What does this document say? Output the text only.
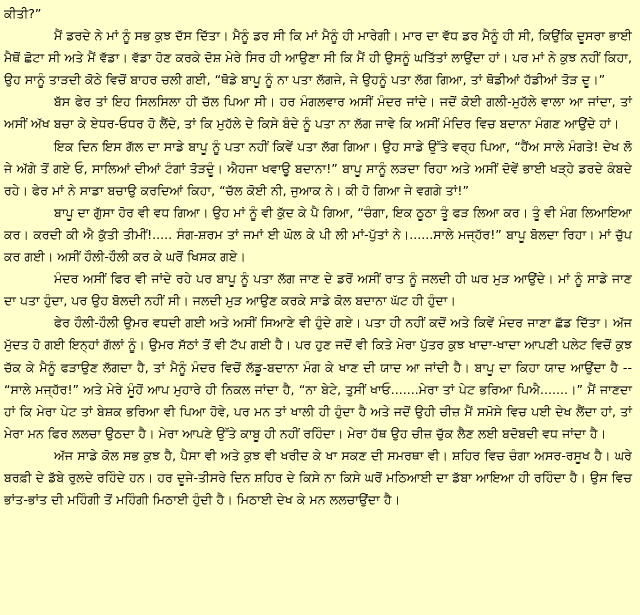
ਕੀਤੀ?”￼

ਮੈਂ ਡਰਦੇ ਨੇ ਮਾਂ ਨੂੰ ਸਭ ਕੁਝ ਦੱਸ ਦਿੱਤਾ। ਮੈਨੂੰ ਡਰ ਸੀ ਕਿ ਮਾਂ ਮੈਨੂੰ ਹੀ ਮਾਰੇਗੀ। ਮਾਰ ਦਾ ਵੱਧ ਡਰ ਮੈਨੂੰ ਹੀ ਸੀ, ਕਿਉਂਕਿ ਦੂਸਰਾ ਭਾਈ ਮੈਥੋਂ ਛੋਟਾ ਸੀ ਅਤੇ ਮੈਂ ਵੱਡਾ। ਵੱਡਾ ਹੋਣ ਕਰਕੇ ਦੋਸ਼ ਮੇਰੇ ਸਿਰ ਹੀ ਆਉਣਾ ਸੀ ਕਿ ਮੈਂ ਹੀ ਉਸਨੂੰ ਘਤਿੱਤਾਂ ਲਾਉਂਦਾ ਹਾਂ। ਪਰ ਮਾਂ ਨੇ ਕੁਝ ਨਹੀਂ ਕਿਹਾ, ਉਹ ਸਾਨੂੰ ਤਾੜਦੀ ਕੋਠੇ ਵਿਚੋਂ ਬਾਹਰ ਚਲੀ ਗਈ, “ਥੋਡੇ ਬਾਪੂ ਨੂੰ ਨਾ ਪਤਾ ਲੱਗਜੇ, ਜੇ ਉਹਨੂੰ ਪਤਾ ਲੱਗ ਗਿਆ, ਤਾਂ ਥੋਡੀਆਂ ਹੱਡੀਆਂ ਤੋੜ ਦੂ।”

ਬੱਸ ਫੇਰ ਤਾਂ ਇਹ ਸਿਲਸਿਲਾ ਹੀ ਚੱਲ ਪਿਆ ਸੀ। ਹਰ ਮੰਗਲਵਾਰ ਅਸੀਂ ਮੰਦਰ ਜਾਂਦੇ। ਜਦੋਂ ਕੋਈ ਗਲੀ-ਮੁਹੱਲੇ ਵਾਲਾ ਆ ਜਾਂਦਾ, ਤਾਂ ਅਸੀਂ ਅੱਖ ਬਚਾ ਕੇ ਏਧਰ-ਓਧਰ ਹੋ ਲੈਂਦੇ, ਤਾਂ ਕਿ ਮੁਹੱਲੇ ਦੇ ਕਿਸੇ ਬੰਦੇ ਨੂੰ ਪਤਾ ਨਾ ਲੱਗ ਜਾਵੇ ਕਿ ਅਸੀਂ ਮੰਦਿਰ ਵਿਚ ਬਦਾਨਾ ਮੰਗਣ ਆਉਂਦੇ ਹਾਂ।

ਇਕ ਦਿਨ ਇਸ ਗੱਲ ਦਾ ਸਾਡੇ ਬਾਪੂ ਨੂੰ ਪਤਾ ਨਹੀਂ ਕਿਵੇਂ ਪਤਾ ਲੱਗ ਗਿਆ। ਉਹ ਸਾਡੇ ਉੱਤੇ ਵਰ੍ਹ ਪਿਆ, “ਹੈਂਅ ਸਾਲੇ ਮੰਗਤੇ! ਦੇਖ ਲੋ ਜੇ ਅੱਗੇ ਤੋਂ ਗਏ ਓ, ਸਾਲਿਆਂ ਦੀਆਂ ਟੰਗਾਂ ਤੋੜਦੂੰ। ਐਹਜਾ ਖਵਾਊ ਬਦਾਨਾ!” ਬਾਪੂ ਸਾਨੂੰ ਲੜਦਾ ਰਿਹਾ ਅਤੇ ਅਸੀਂ ਦੋਵੇਂ ਭਾਈ ਖੜ੍ਹੇ ਡਰਦੇ ਕੰਬਦੇ ਰਹੇ। ਫੇਰ ਮਾਂ ਨੇ ਸਾਡਾ ਬਚਾਉ ਕਰਦਿਆਂ ਕਿਹਾ, “ਚੱਲ ਕੋਈ ਨੀ, ਜੁਆਕ ਨੇ। ਕੀ ਹੋ ਗਿਆ ਜੇ ਵਗਗੇ ਤਾਂ!” ￼

ਬਾਪੂ ਦਾ ਗੁੱਸਾ ਹੋਰ ਵੀ ਵਧ ਗਿਆ। ਉਹ ਮਾਂ ਨੂੰ ਵੀ ਕੁੱਦ ਕੇ ਪੈ ਗਿਆ, “ਚੰਗਾ, ਇਕ ਠੂਠਾ ਤੂੰ ਫੜ ਲਿਆ ਕਰ। ਤੂੰ ਵੀ ਮੰਗ ਲਿਆਇਆ ਕਰ। ਕਰਦੀ ਕੀ ਐ ਕੁੱਤੀ ਤੀਮੀਂ!..... ਸੰਗ-ਸ਼ਰਮ ਤਾਂ ਜਮਾਂ ਈ ਘੋਲ ਕੇ ਪੀ ਲੀ ਮਾਂ-ਪੁੱਤਾਂ ਨੇ।......ਸਾਲੇ ਮਜ੍ਹੱਰ!” ਬਾਪੂ ਬੋਲਦਾ ਰਿਹਾ। ਮਾਂ ਚੁੱਪ ਕਰ ਗਈ। ਅਸੀਂ ਹੌਲੀ-ਹੌਲੀ ਕਰ ਕੇ ਘਰੋਂ ਖਿਸਕ ਗਏ।

ਮੰਦਰ ਅਸੀਂ ਫਿਰ ਵੀ ਜਾਂਦੇ ਰਹੇ ਪਰ ਬਾਪੂ ਨੂੰ ਪਤਾ ਲੱਗ ਜਾਣ ਦੇ ਡਰੋਂ ਅਸੀਂ ਰਾਤ ਨੂੰ ਜਲਦੀ ਹੀ ਘਰ ਮੁੜ ਆਉਂਦੇ। ਮਾਂ ਨੂੰ ਸਾਡੇ ਜਾਣ ਦਾ ਪਤਾ ਹੁੰਦਾ, ਪਰ ਉਹ ਬੋਲਦੀ ਨਹੀਂ ਸੀ। ਜਲਦੀ ਮੁੜ ਆਉਣ ਕਰਕੇ ਸਾਡੇ ਕੋਲ ਬਦਾਨਾ ਘੱਟ ਹੀ ਹੁੰਦਾ।

ਫੇਰ ਹੌਲੀ-ਹੌਲੀ ਉਮਰ ਵਧਦੀ ਗਈ ਅਤੇ ਅਸੀਂ ਸਿਆਣੇ ਵੀ ਹੁੰਦੇ ਗਏ। ਪਤਾ ਹੀ ਨਹੀਂ ਕਦੋਂ ਅਤੇ ਕਿਵੇਂ ਮੰਦਰ ਜਾਣਾ ਛੱਡ ਦਿੱਤਾ। ਅੱਜ ਮੁੱਦਤ ਹੋ ਗਈ ਇਨ੍ਹਾਂ ਗੱਲਾਂ ਨੂੰ। ਉਮਰ ਸੱਠਾਂ ਤੋਂ ਵੀ ਟੱਪ ਗਈ ਹੈ। ਪਰ ਹੁਣ ਜਦੋਂ ਵੀ ਕਿਤੇ ਮੇਰਾ ਪੁੱਤਰ ਕੁਝ ਖਾਦਾ-ਖਾਦਾ ਆਪਣੀ ਪਲੇਟ ਵਿਚੋਂ ਕੁਝ ਚੱਕ ਕੇ ਮੈਨੂੰ ਫੜਾਉਣ ਲੱਗਦਾ ਹੈ, ਤਾਂ ਮੈਨੂੰ ਮੰਦਰ ਵਿਚੋਂ ਲੱਡੂ-ਬਦਾਨਾ ਮੰਗ ਕੇ ਖਾਣ ਦੀ ਯਾਦ ਆ ਜਾਂਦੀ ਹੈ। ਬਾਪੂ ਦਾ ਕਿਹਾ ਯਾਦ ਆਉਂਦਾ ਹੈ -- “ਸਾਲੇ ਮਜ੍ਹੱਰ!” ਅਤੇ ਮੇਰੇ ਮੂੰਹੋਂ ਆਪ ਮੁਹਾਰੇ ਹੀ ਨਿਕਲ ਜਾਂਦਾ ਹੈ, “ਨਾ ਬੇਟੇ, ਤੁਸੀਂ ਖਾਓ.......ਮੇਰਾ ਤਾਂ ਪੇਟ ਭਰਿਆ ਪਿਐ.......।” ਮੈਂ ਜਾਣਦਾ ਹਾਂ ਕਿ ਮੇਰਾ ਪੇਟ ਤਾਂ ਬੇਸ਼ਕ ਭਰਿਆ ਵੀ ਪਿਆ ਹੋਵੇ, ਪਰ ਮਨ ਤਾਂ ਖਾਲੀ ਹੀ ਹੁੰਦਾ ਹੈ ਅਤੇ ਜਦੋਂ ਉਹੀ ਚੀਜ਼ ਮੈਂ ਸਮੋਸੇ ਵਿਚ ਪਈ ਦੇਖ ਲੈਂਦਾ ਹਾਂ, ਤਾਂ ਮੇਰਾ ਮਨ ਫਿਰ ਲਲਚਾ ਉਠਦਾ ਹੈ। ਮੇਰਾ ਆਪਣੇ ਉੱਤੇ ਕਾਬੂ ਹੀ ਨਹੀਂ ਰਹਿੰਦਾ। ਮੇਰਾ ਹੱਥ ਉਹ ਚੀਜ਼ ਚੁੱਕ ਲੈਣ ਲਈ ਬਦੋਬਦੀ ਵਧ ਜਾਂਦਾ ਹੈ।

ਅੱਜ ਸਾਡੇ ਕੋਲ ਸਭ ਕੁਝ ਹੈ, ਪੈਸਾ ਵੀ ਅਤੇ ਕੁਝ ਵੀ ਖਰੀਦ ਕੇ ਖਾ ਸਕਣ ਦੀ ਸਮਰਥਾ ਵੀ। ਸ਼ਹਿਰ ਵਿਚ ਚੰਗਾ ਅਸਰ-ਰਸੂਖ ਹੈ। ਘਰੇ ਬਰਫ਼ੀ ਦੇ ਡੱਬੇ ਰੁਲਦੇ ਰਹਿੰਦੇ ਹਨ। ਹਰ ਦੂਜੇ-ਤੀਸਰੇ ਦਿਨ ਸ਼ਹਿਰ ਦੇ ਕਿਸੇ ਨਾ ਕਿਸੇ ਘਰੋਂ ਮਠਿਆਈ ਦਾ ਡੱਬਾ ਆਇਆ ਹੀ ਰਹਿੰਦਾ ਹੈ। ਉਸ ਵਿਚ ਭਾਂਤ-ਭਾਂਤ ਦੀ ਮਹਿੰਗੀ ਤੋਂ ਮਹਿੰਗੀ ਮਿਠਾਈ ਹੁੰਦੀ ਹੈ। ਮਿਠਾਈ ਦੇਖ ਕੇ ਮਨ ਲਲਚਾਉਂਦਾ ਹੈ।
